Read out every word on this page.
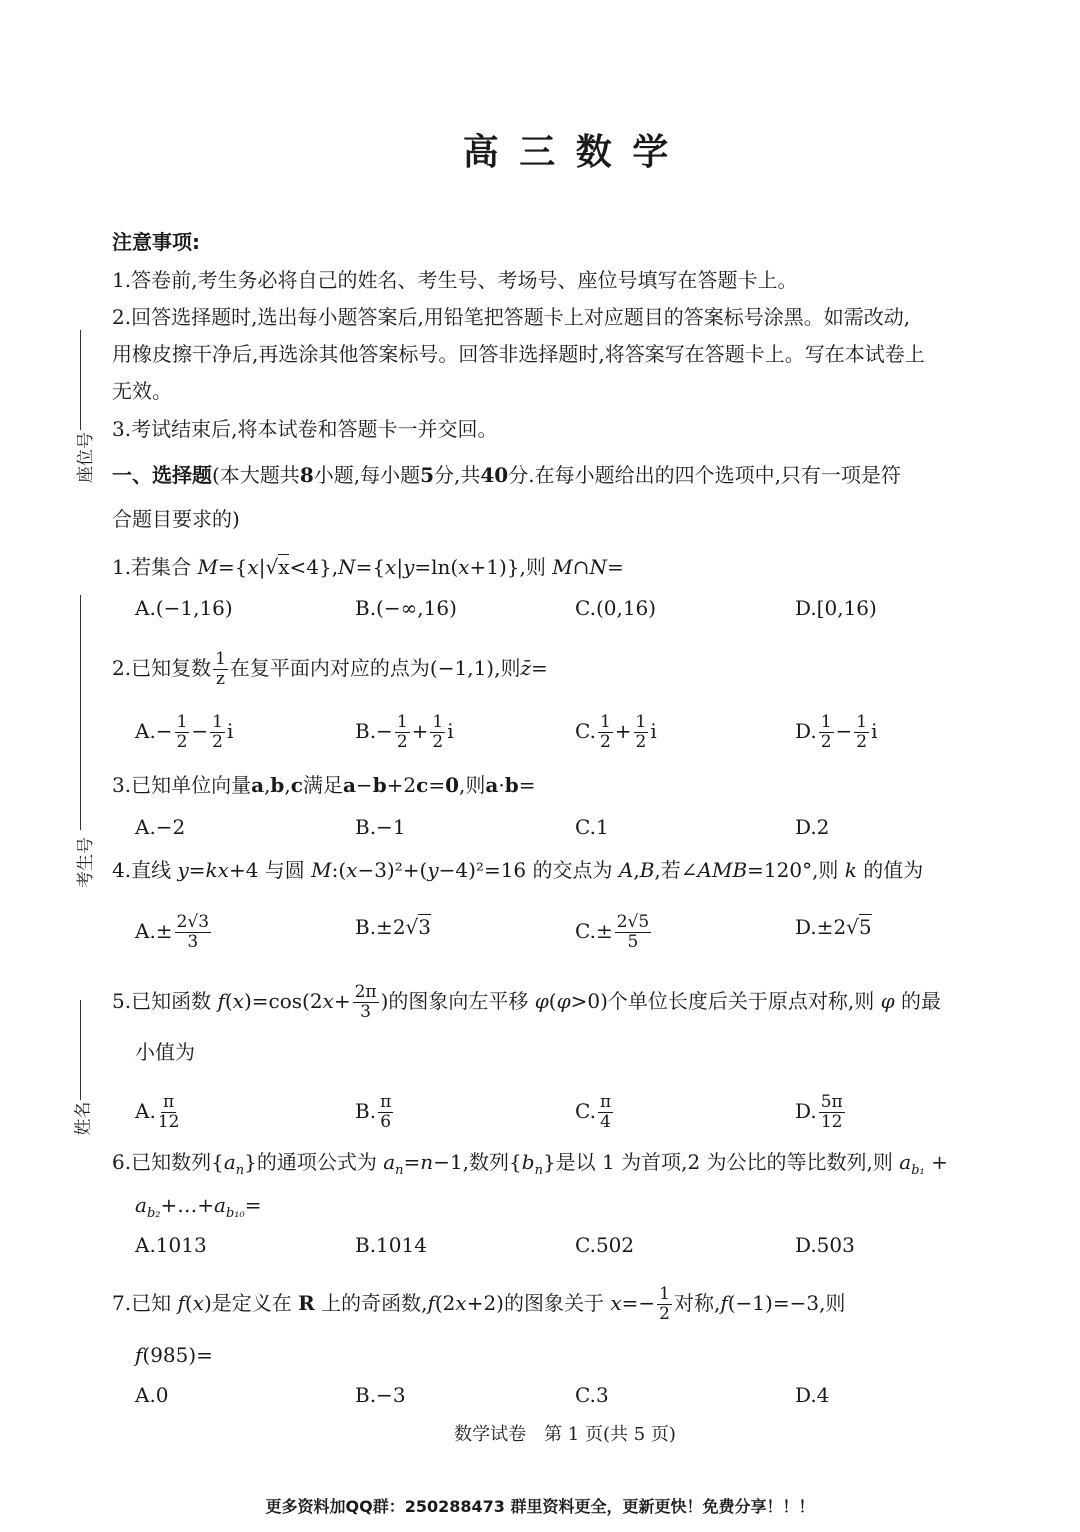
高 三 数 学
座位号
考生号
姓名
注意事项:
1.答卷前,考生务必将自己的姓名、考生号、考场号、座位号填写在答题卡上。
2.回答选择题时,选出每小题答案后,用铅笔把答题卡上对应题目的答案标号涂黑。如需改动,
用橡皮擦干净后,再选涂其他答案标号。回答非选择题时,将答案写在答题卡上。写在本试卷上
无效。
3.考试结束后,将本试卷和答题卡一并交回。
一、选择题(本大题共8小题,每小题5分,共40分.在每小题给出的四个选项中,只有一项是符
合题目要求的)
1.若集合 M={x|√x<4},N={x|y=ln(x+1)},则 M∩N=
A.(−1,16)	B.(−∞,16)	C.(0,16)	D.[0,16)
2.已知复数 $\frac{1}{z}$ 在复平面内对应的点为(−1,1),则z̄=
$A.- \frac{1}{2} - \frac{1}{2}$ i	$B.- \frac{1}{2} + \frac{1}{2}$ i	C. $\frac{1}{2} + \frac{1}{2}$ i	D. $\frac{1}{2} - \frac{1}{2}$ i
3.已知单位向量a,b,c满足a−b+2c=0,则a·b=
A.−2	B.−1	C.1	D.2
4.直线 y=kx+4 与圆 M:(x−3)²+(y−4)²=16 的交点为 A,B,若∠AMB=120°,则 k 的值为
$A.\pm \frac{2√3}{3}$	B.±2√3	$C.\pm \frac{2√5}{5}$	D.±2√5
5.已知函数 $f(x)=\cos(2x+ \frac{2\pi}{3}$ )的图象向左平移 φ(φ>0)个单位长度后关于原点对称,则 φ 的最
小值为
A. $\frac{\pi}{12}$	B. $\frac{\pi}{6}$	C. $\frac{\pi}{4}$	D. $\frac{5\pi}{12}$
6.已知数列$\{a_n\}$的通项公式为 $a_n=n-1$,数列$\{b_n\}$是以 1 为首项,2 为公比的等比数列,则 $a_{b_1}$ +
$a_{b_2}+\dots+a_{b_{10}}=$
A.1013	B.1014	C.502	D.503
7.已知 f(x)是定义在 R 上的奇函数,f(2x+2)的图象关于 $x=- \frac{1}{2}$ 对称,f(−1)=−3,则
f(985)=
A.0	B.−3	C.3	D.4
数学试卷　第 1 页(共 5 页)
更多资料加QQ群：250288473 群里资料更全，更新更快！免费分享！！！
